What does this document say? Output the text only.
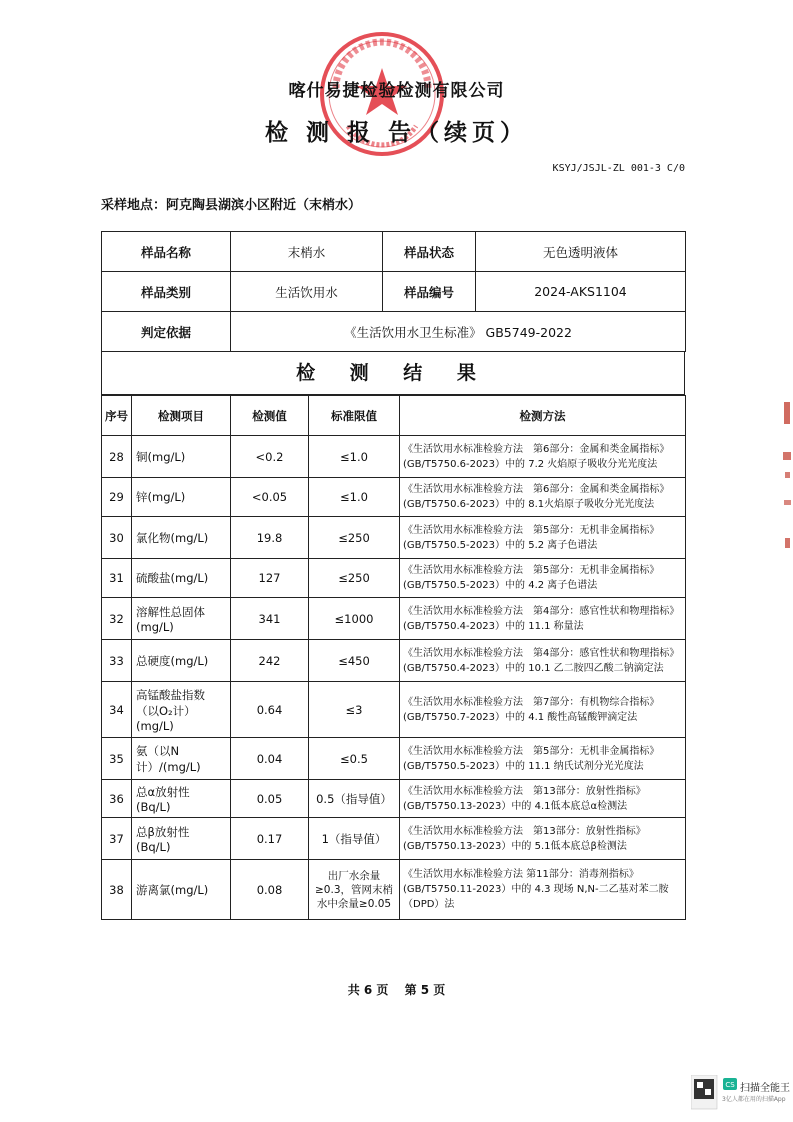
喀什易捷检验检测有限公司
检 测 报 告（续页）
KSYJ/JSJL-ZL 001-3 C/0
采样地点：阿克陶县湖滨小区附近（末梢水）
样品名称	末梢水	样品状态	无色透明液体
样品类别	生活饮用水	样品编号	2024-AKS1104
判定依据	《生活饮用水卫生标准》 GB5749-2022		
检 测 结 果
序号	检测项目	检测值	标准限值	检测方法
28	铜(mg/L)	<0.2	≤1.0	《生活饮用水标准检验方法　第6部分：金属和类金属指标》
(GB/T5750.6-2023）中的 7.2 火焰原子吸收分光光度法

29	锌(mg/L)	<0.05	≤1.0	《生活饮用水标准检验方法　第6部分：金属和类金属指标》
(GB/T5750.6-2023）中的 8.1火焰原子吸收分光光度法

30	氯化物(mg/L)	19.8	≤250	《生活饮用水标准检验方法　第5部分：无机非金属指标》
(GB/T5750.5-2023）中的 5.2 离子色谱法

31	硫酸盐(mg/L)	127	≤250	《生活饮用水标准检验方法　第5部分：无机非金属指标》
(GB/T5750.5-2023）中的 4.2 离子色谱法

32	溶解性总固体(mg/L)	341	≤1000	《生活饮用水标准检验方法　第4部分：感官性状和物理指标》
(GB/T5750.4-2023）中的 11.1 称量法

33	总硬度(mg/L)	242	≤450	《生活饮用水标准检验方法　第4部分：感官性状和物理指标》
(GB/T5750.4-2023）中的 10.1 乙二胺四乙酸二钠滴定法

34	高锰酸盐指数（以O₂计）(mg/L)	0.64	≤3	《生活饮用水标准检验方法　第7部分：有机物综合指标》
(GB/T5750.7-2023）中的 4.1 酸性高锰酸钾滴定法

35	氨（以N计）/(mg/L)	0.04	≤0.5	《生活饮用水标准检验方法　第5部分：无机非金属指标》
(GB/T5750.5-2023）中的 11.1 纳氏试剂分光光度法

36	总α放射性 (Bq/L)	0.05	0.5（指导值）	《生活饮用水标准检验方法　第13部分：放射性指标》
(GB/T5750.13-2023）中的 4.1低本底总α检测法

37	总β放射性 (Bq/L)	0.17	1（指导值）	《生活饮用水标准检验方法　第13部分：放射性指标》
(GB/T5750.13-2023）中的 5.1低本底总β检测法

38	游离氯(mg/L)	0.08	出厂水余量≥0.3，管网末梢水中余量≥0.05	《生活饮用水标准检验方法 第11部分：消毒剂指标》
(GB/T5750.11-2023）中的 4.3 现场 N,N-二乙基对苯二胺（DPD）法
共 6 页 第 5 页
CS 扫描全能王
3亿人都在用的扫描App
